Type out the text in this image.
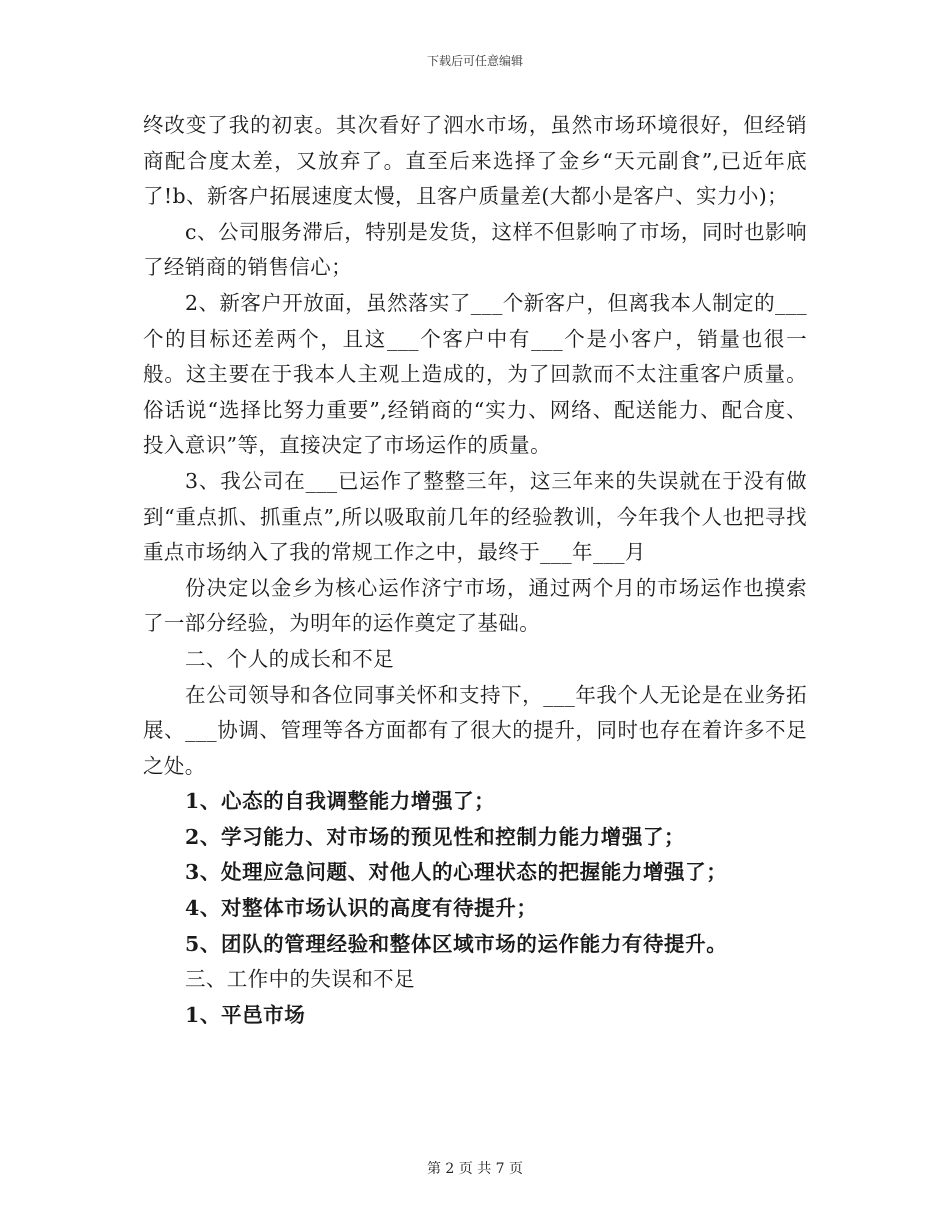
下载后可任意编辑

终改变了我的初衷。其次看好了泗水市场，虽然市场环境很好，但经销商配合度太差，又放弃了。直至后来选择了金乡“天元副食”,已近年底了!b、新客户拓展速度太慢，且客户质量差(大都小是客户、实力小)；

c、公司服务滞后，特别是发货，这样不但影响了市场，同时也影响了经销商的销售信心；

2、新客户开放面，虽然落实了___个新客户，但离我本人制定的___个的目标还差两个，且这___个客户中有___个是小客户，销量也很一般。这主要在于我本人主观上造成的，为了回款而不太注重客户质量。俗话说“选择比努力重要”,经销商的“实力、网络、配送能力、配合度、投入意识”等，直接决定了市场运作的质量。

3、我公司在___已运作了整整三年，这三年来的失误就在于没有做到“重点抓、抓重点”,所以吸取前几年的经验教训，今年我个人也把寻找重点市场纳入了我的常规工作之中，最终于___年___月

份决定以金乡为核心运作济宁市场，通过两个月的市场运作也摸索了一部分经验，为明年的运作奠定了基础。

二、个人的成长和不足

在公司领导和各位同事关怀和支持下，___年我个人无论是在业务拓展、___协调、管理等各方面都有了很大的提升，同时也存在着许多不足之处。

1、心态的自我调整能力增强了；

2、学习能力、对市场的预见性和控制力能力增强了；

3、处理应急问题、对他人的心理状态的把握能力增强了；

4、对整体市场认识的高度有待提升；

5、团队的管理经验和整体区域市场的运作能力有待提升。

三、工作中的失误和不足

1、平邑市场

第 2 页 共 7 页
